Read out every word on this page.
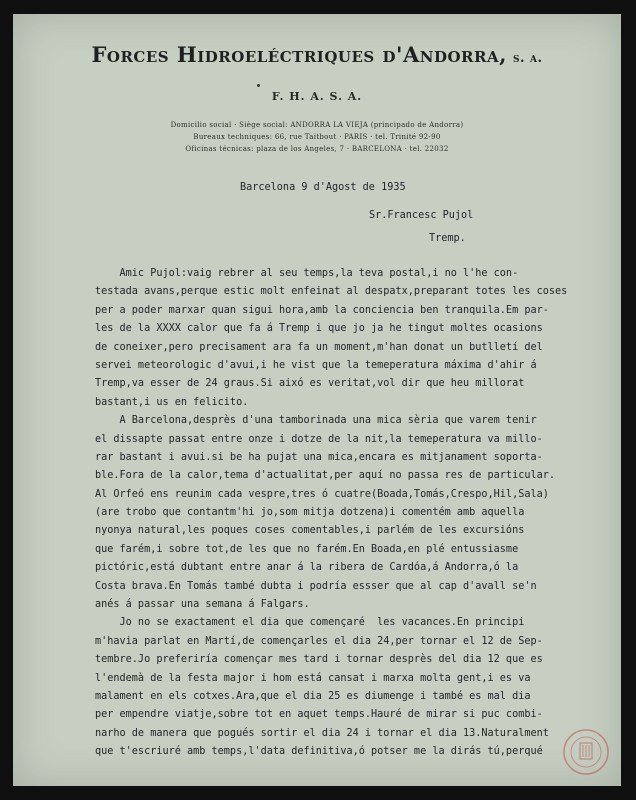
Forces Hidroeléctriques d'Andorra, s. a.
F. H. A. S. A.
Domicilio social · Siège social: ANDORRA LA VIEJA (principado de Andorra)
Bureaux techniques: 66, rue Taitbout · PARIS · tel. Trinité 92-90
Oficinas técnicas: plaza de los Angeles, 7 · BARCELONA · tel. 22032
Barcelona 9 d'Agost de 1935
Sr.Francesc Pujol
Tremp.
Amic Pujol:vaig rebrer al seu temps,la teva postal,i no l'he con-
testada avans,perque estic molt enfeinat al despatx,preparant totes les coses
per a poder marxar quan sigui hora,amb la conciencia ben tranquila.Em par-
les de la XXXX calor que fa á Tremp i que jo ja he tingut moltes ocasions
de coneixer,pero precisament ara fa un moment,m'han donat un butlletí del
servei meteorologic d'avui,i he vist que la temeperatura máxima d'ahir á
Tremp,va esser de 24 graus.Si aixó es veritat,vol dir que heu millorat
bastant,i us en felicito.
A Barcelona,desprès d'una tamborinada una mica sèria que varem tenir
el dissapte passat entre onze i dotze de la nit,la temeperatura va millo-
rar bastant i avui.si be ha pujat una mica,encara es mitjanament soporta-
ble.Fora de la calor,tema d'actualitat,per aquí no passa res de particular.
Al Orfeó ens reunim cada vespre,tres ó cuatre(Boada,Tomás,Crespo,Hil,Sala)
(are trobo que contantm'hi jo,som mitja dotzena)i comentém amb aquella
nyonya natural,les poques coses comentables,i parlém de les excursións
que farém,i sobre tot,de les que no farém.En Boada,en plé entussiasme
pictóric,está dubtant entre anar á la ribera de Cardóa,á Andorra,ó la
Costa brava.En Tomás també dubta i podría essser que al cap d'avall se'n
anés á passar una semana á Falgars.
Jo no se exactament el dia que començaré  les vacances.En principi
m'havia parlat en Martí,de començarles el dia 24,per tornar el 12 de Sep-
tembre.Jo preferiría començar mes tard i tornar desprès del dia 12 que es
l'endemà de la festa major i hom está cansat i marxa molta gent,i es va
malament en els cotxes.Ara,que el dia 25 es diumenge i també es mal dia
per empendre viatje,sobre tot en aquet temps.Hauré de mirar si puc combi-
narho de manera que pogués sortir el dia 24 i tornar el dia 13.Naturalment
que t'escriuré amb temps,l'data definitiva,ó potser me la dirás tú,perqué
